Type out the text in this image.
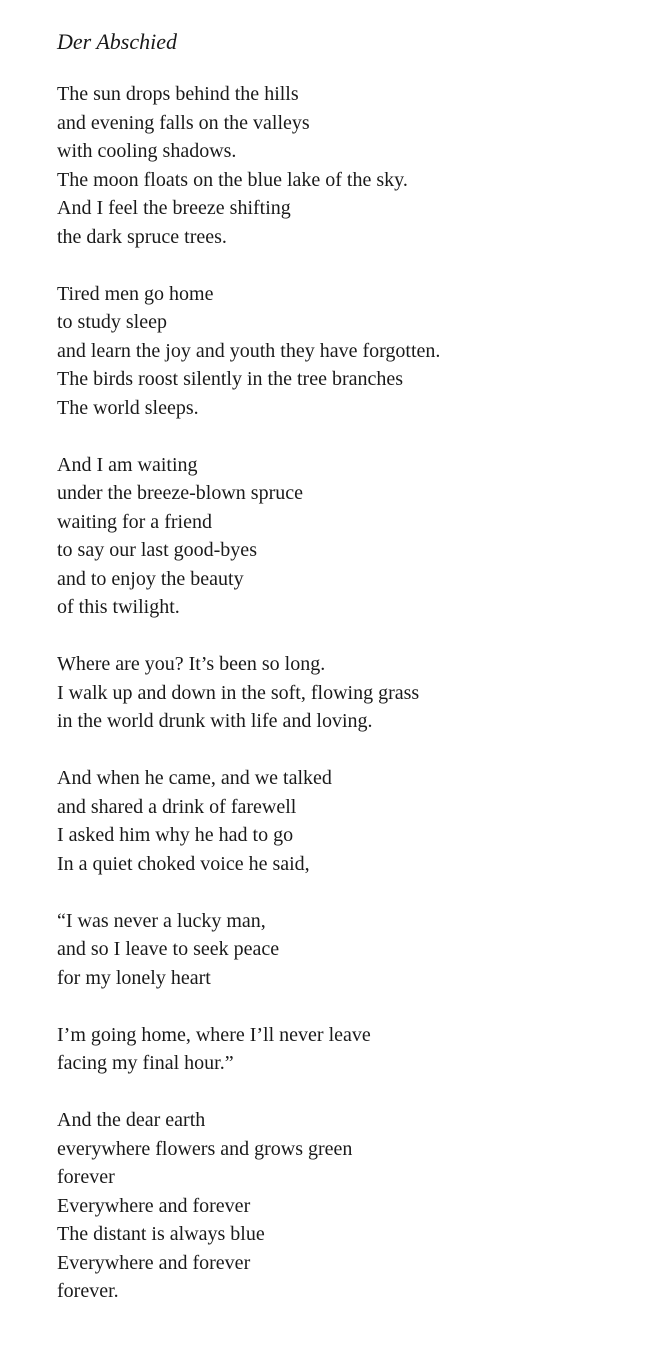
Der Abschied
The sun drops behind the hills
and evening falls on the valleys
with cooling shadows.
The moon floats on the blue lake of the sky.
And I feel the breeze shifting
the dark spruce trees.
Tired men go home
to study sleep
and learn the joy and youth they have forgotten.
The birds roost silently in the tree branches
The world sleeps.
And I am waiting
under the breeze-blown spruce
waiting for a friend
to say our last good-byes
and to enjoy the beauty
of this twilight.
Where are you? It’s been so long.
I walk up and down in the soft, flowing grass
in the world drunk with life and loving.
And when he came, and we talked
and shared a drink of farewell
I asked him why he had to go
In a quiet choked voice he said,
“I was never a lucky man,
and so I leave to seek peace
for my lonely heart
I’m going home, where I’ll never leave
facing my final hour.”
And the dear earth
everywhere flowers and grows green
forever
Everywhere and forever
The distant is always blue
Everywhere and forever
forever.
